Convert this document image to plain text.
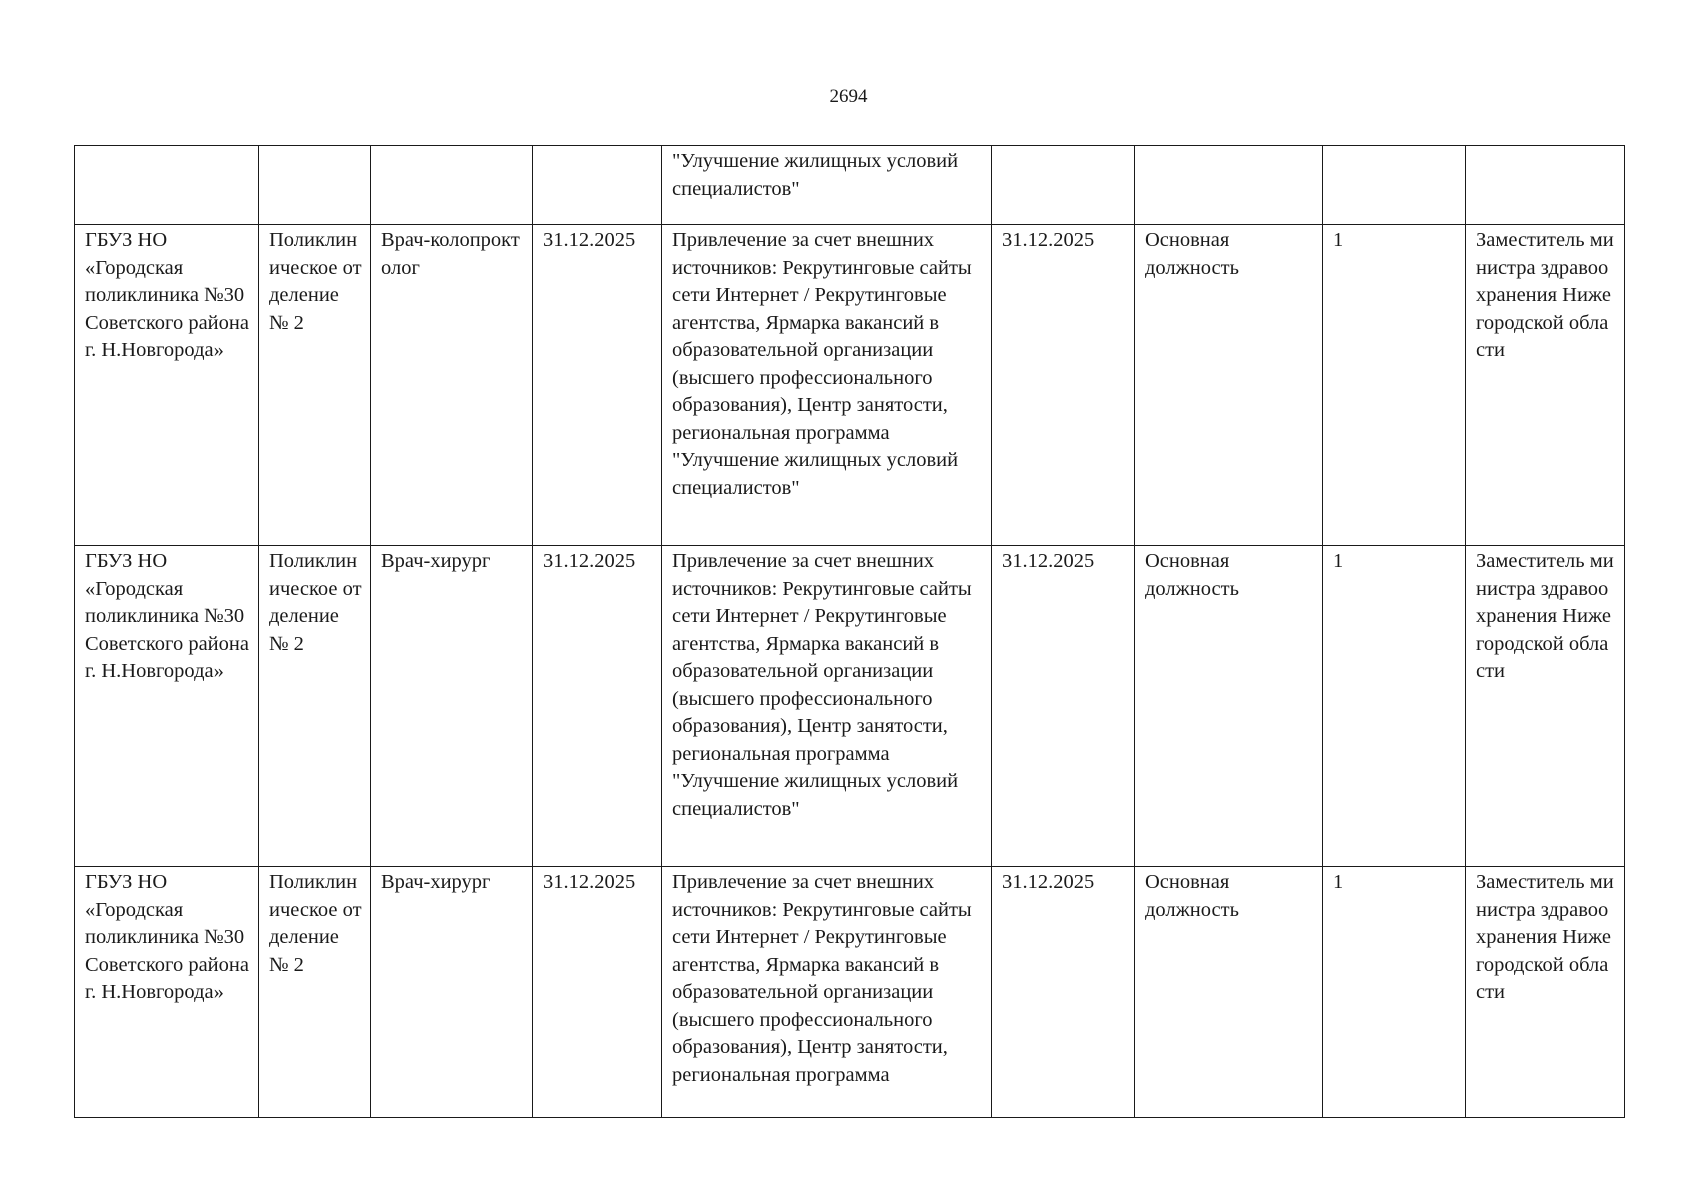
2694
				"Улучшение жилищных условий специалистов"				
ГБУЗ НО «Городская поликлиника №30 Советского района г. Н.Новгорода»	Поликлиническое отделение № 2	Врач-колопроктолог	31.12.2025	Привлечение за счет внешних источников: Рекрутинговые сайты сети Интернет / Рекрутинговые агентства, Ярмарка вакансий в образовательной организации (высшего профессионального образования), Центр занятости, региональная программа "Улучшение жилищных условий специалистов"	31.12.2025	Основная должность	1	Заместитель министра здравоохранения Нижегородской области
ГБУЗ НО «Городская поликлиника №30 Советского района г. Н.Новгорода»	Поликлиническое отделение № 2	Врач-хирург	31.12.2025	Привлечение за счет внешних источников: Рекрутинговые сайты сети Интернет / Рекрутинговые агентства, Ярмарка вакансий в образовательной организации (высшего профессионального образования), Центр занятости, региональная программа "Улучшение жилищных условий специалистов"	31.12.2025	Основная должность	1	Заместитель министра здравоохранения Нижегородской области
ГБУЗ НО «Городская поликлиника №30 Советского района г. Н.Новгорода»	Поликлиническое отделение № 2	Врач-хирург	31.12.2025	Привлечение за счет внешних источников: Рекрутинговые сайты сети Интернет / Рекрутинговые агентства, Ярмарка вакансий в образовательной организации (высшего профессионального образования), Центр занятости, региональная программа	31.12.2025	Основная должность	1	Заместитель министра здравоохранения Нижегородской области
